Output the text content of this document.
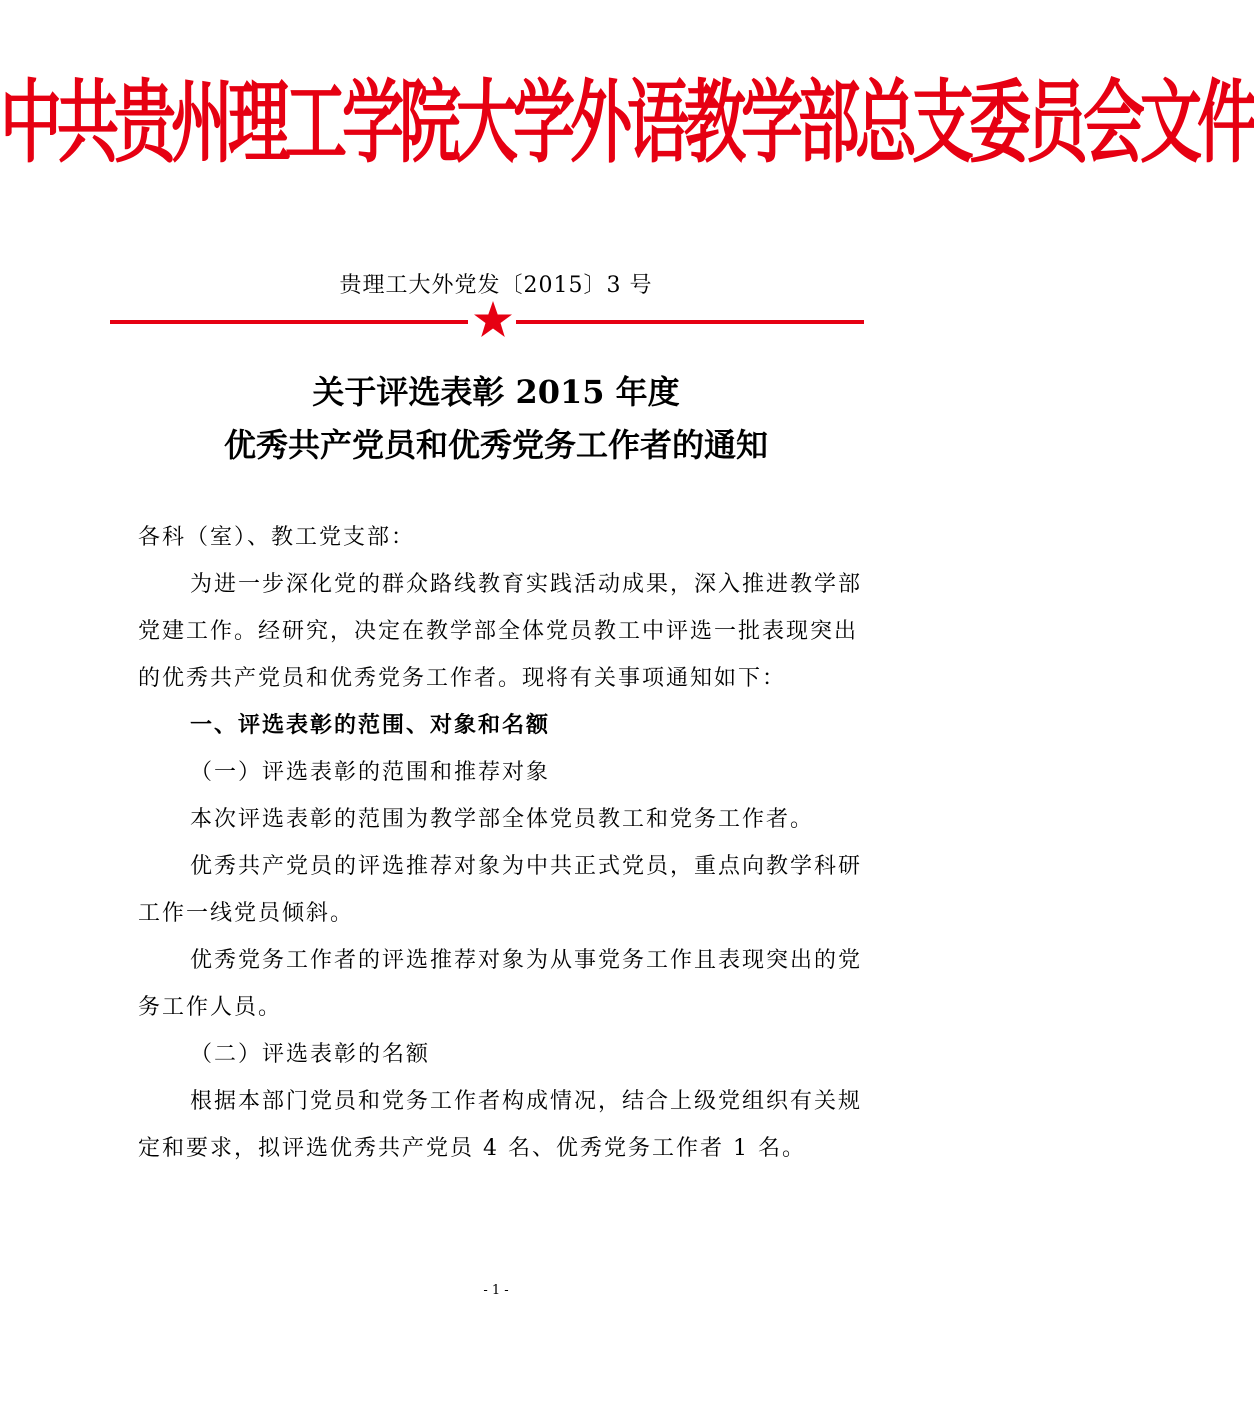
中共贵州理工学院大学外语教学部总支委员会文件
贵理工大外党发〔2015〕3 号
关于评选表彰 2015 年度
优秀共产党员和优秀党务工作者的通知

各科（室）、教工党支部：

为进一步深化党的群众路线教育实践活动成果，深入推进教学部党建工作。经研究，决定在教学部全体党员教工中评选一批表现突出的优秀共产党员和优秀党务工作者。现将有关事项通知如下：

一、评选表彰的范围、对象和名额

（一）评选表彰的范围和推荐对象

本次评选表彰的范围为教学部全体党员教工和党务工作者。

优秀共产党员的评选推荐对象为中共正式党员，重点向教学科研工作一线党员倾斜。

优秀党务工作者的评选推荐对象为从事党务工作且表现突出的党务工作人员。

（二）评选表彰的名额

根据本部门党员和党务工作者构成情况，结合上级党组织有关规定和要求，拟评选优秀共产党员 4 名、优秀党务工作者 1 名。

- 1 -
